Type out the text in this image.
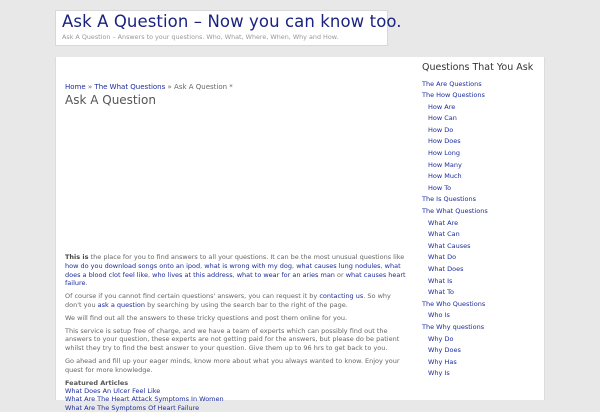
Ask A Question – Now you can know too.
Ask A Question – Answers to your questions. Who, What, Where, When, Why and How.
Home » The What Questions » Ask A Question *
Ask A Question

This is the place for you to find answers to all your questions. It can be the most unusual questions like how do you download songs onto an ipod, what is wrong with my dog, what causes lung nodules, what does a blood clot feel like, who lives at this address, what to wear for an aries man or what causes heart failure.

Of course if you cannot find certain questions' answers, you can request it by contacting us. So why don't you ask a question by searching by using the search bar to the right of the page.

We will find out all the answers to these tricky questions and post them online for you.

This service is setup free of charge, and we have a team of experts which can possibly find out the answers to your question, these experts are not getting paid for the answers, but please do be patient whilst they try to find the best answer to your question. Give them up to 96 hrs to get back to you.

Go ahead and fill up your eager minds, know more about what you always wanted to know. Enjoy your quest for more knowledge.

Featured Articles
What Does An Ulcer Feel Like
What Are The Heart Attack Symptoms In Women
What Are The Symptoms Of Heart Failure
Questions That You Ask
The Are Questions
The How Questions
How Are
How Can
How Do
How Does
How Long
How Many
How Much
How To
The Is Questions
The What Questions
What Are
What Can
What Causes
What Do
What Does
What Is
What To
The Who Questions
Who Is
The Why questions
Why Do
Why Does
Why Has
Why Is
